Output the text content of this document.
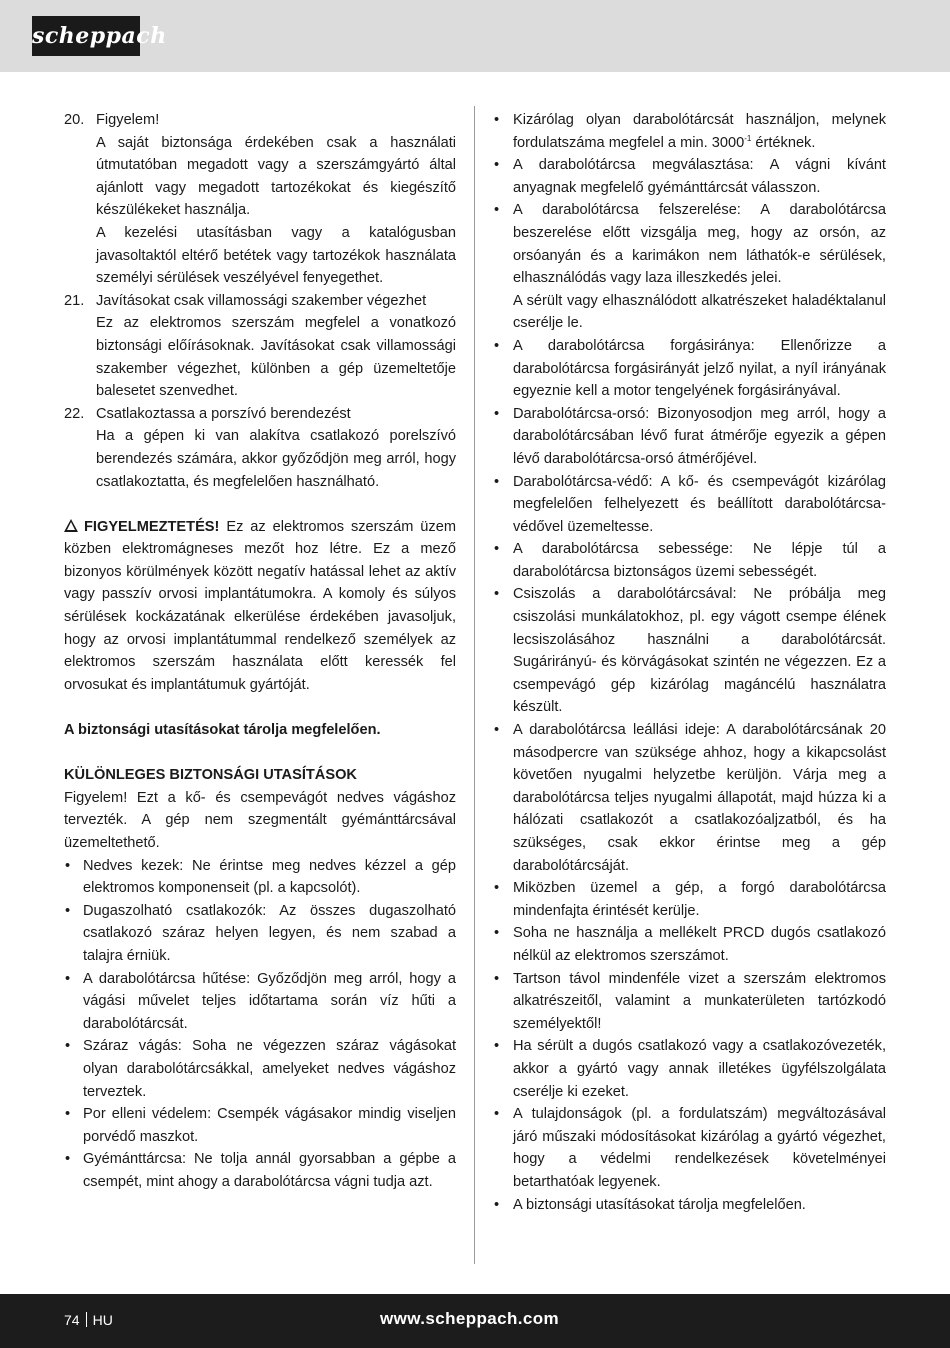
scheppach
20. Figyelem!

A saját biztonsága érdekében csak a használati útmutatóban megadott vagy a szerszámgyártó által ajánlott vagy megadott tartozékokat és kiegészítő készülékeket használja.

A kezelési utasításban vagy a katalógusban javasoltaktól eltérő betétek vagy tartozékok használata személyi sérülések veszélyével fenyegethet.

21. Javításokat csak villamossági szakember végezhet

Ez az elektromos szerszám megfelel a vonatkozó biztonsági előírásoknak. Javításokat csak villamossági szakember végezhet, különben a gép üzemeltetője balesetet szenvedhet.

22. Csatlakoztassa a porszívó berendezést

Ha a gépen ki van alakítva csatlakozó porelszívó berendezés számára, akkor győződjön meg arról, hogy csatlakoztatta, és megfelelően használható.

FIGYELMEZTETÉS! Ez az elektromos szerszám üzem közben elektromágneses mezőt hoz létre. Ez a mező bizonyos körülmények között negatív hatással lehet az aktív vagy passzív orvosi implantátumokra. A komoly és súlyos sérülések kockázatának elkerülése érdekében javasoljuk, hogy az orvosi implantátummal rendelkező személyek az elektromos szerszám használata előtt keressék fel orvosukat és implantátumuk gyártóját.

A biztonsági utasításokat tárolja megfelelően.

KÜLÖNLEGES BIZTONSÁGI UTASÍTÁSOK

Figyelem! Ezt a kő- és csempevágót nedves vágáshoz tervezték. A gép nem szegmentált gyémánttárcsával üzemeltethető.

• Nedves kezek: Ne érintse meg nedves kézzel a gép elektromos komponenseit (pl. a kapcsolót).
• Dugaszolható csatlakozók: Az összes dugaszolható csatlakozó száraz helyen legyen, és nem szabad a talajra érniük.
• A darabolótárcsa hűtése: Győződjön meg arról, hogy a vágási művelet teljes időtartama során víz hűti a darabolótárcsát.
• Száraz vágás: Soha ne végezzen száraz vágásokat olyan darabolótárcsákkal, amelyeket nedves vágáshoz terveztek.
• Por elleni védelem: Csempék vágásakor mindig viseljen porvédő maszkot.
• Gyémánttárcsa: Ne tolja annál gyorsabban a gépbe a csempét, mint ahogy a darabolótárcsa vágni tudja azt.
• Kizárólag olyan darabolótárcsát használjon, melynek fordulatszáma megfelel a min. $3000^{-1}$ értéknek.
• A darabolótárcsa megválasztása: A vágni kívánt anyagnak megfelelő gyémánttárcsát válasszon.
• A darabolótárcsa felszerelése: A darabolótárcsa beszerelése előtt vizsgálja meg, hogy az orsón, az orsóanyán és a karimákon nem láthatók-e sérülések, elhasználódás vagy laza illeszkedés jelei.
A sérült vagy elhasználódott alkatrészeket haladéktalanul cserélje le.
• A darabolótárcsa forgásiránya: Ellenőrizze a darabolótárcsa forgásirányát jelző nyilat, a nyíl irányának egyeznie kell a motor tengelyének forgásirányával.
• Darabolótárcsa-orsó: Bizonyosodjon meg arról, hogy a darabolótárcsában lévő furat átmérője egyezik a gépen lévő darabolótárcsa-orsó átmérőjével.
• Darabolótárcsa-védő: A kő- és csempevágót kizárólag megfelelően felhelyezett és beállított darabolótárcsa-védővel üzemeltesse.
• A darabolótárcsa sebessége: Ne lépje túl a darabolótárcsa biztonságos üzemi sebességét.
• Csiszolás a darabolótárcsával: Ne próbálja meg csiszolási munkálatokhoz, pl. egy vágott csempe élének lecsiszolásához használni a darabolótárcsát. Sugárirányú- és körvágásokat szintén ne végezzen. Ez a csempevágó gép kizárólag magáncélú használatra készült.
• A darabolótárcsa leállási ideje: A darabolótárcsának 20 másodpercre van szüksége ahhoz, hogy a kikapcsolást követően nyugalmi helyzetbe kerüljön. Várja meg a darabolótárcsa teljes nyugalmi állapotát, majd húzza ki a hálózati csatlakozót a csatlakozóaljzatból, és ha szükséges, csak ekkor érintse meg a gép darabolótárcsáját.
• Miközben üzemel a gép, a forgó darabolótárcsa mindenfajta érintését kerülje.
• Soha ne használja a mellékelt PRCD dugós csatlakozó nélkül az elektromos szerszámot.
• Tartson távol mindenféle vizet a szerszám elektromos alkatrészeitől, valamint a munkaterületen tartózkodó személyektől!
• Ha sérült a dugós csatlakozó vagy a csatlakozóvezeték, akkor a gyártó vagy annak illetékes ügyfélszolgálata cserélje ki ezeket.
• A tulajdonságok (pl. a fordulatszám) megváltozásával járó műszaki módosításokat kizárólag a gyártó végezhet, hogy a védelmi rendelkezések követelményei betarthatóak legyenek.
• A biztonsági utasításokat tárolja megfelelően.
74 HU	www.scheppach.com
